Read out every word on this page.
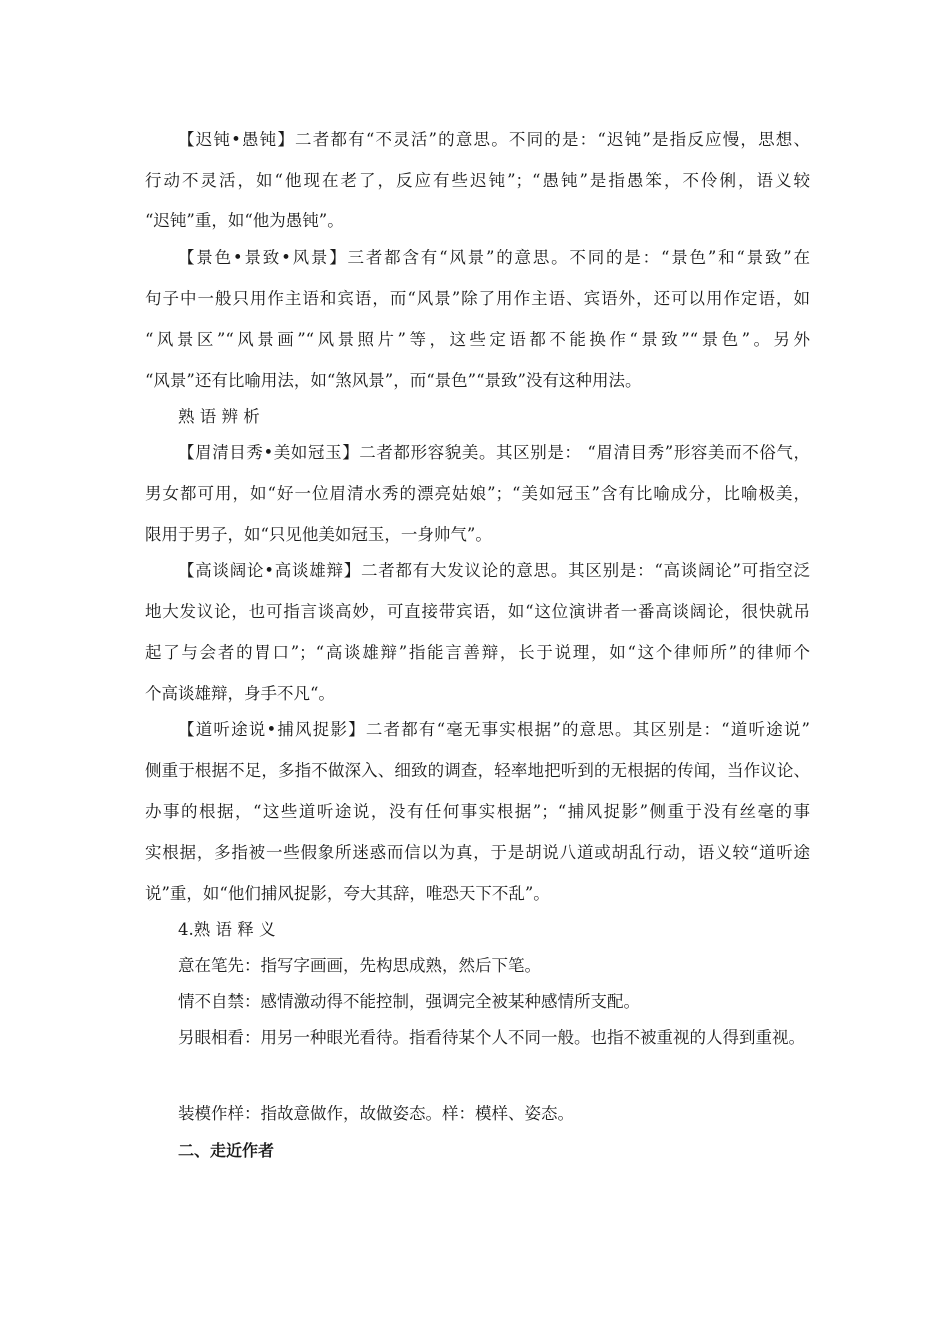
【迟钝•愚钝】二者都有“不灵活”的意思。不同的是：“迟钝”是指反应慢，思想、
行动不灵活，如“他现在老了，反应有些迟钝”；“愚钝”是指愚笨，不伶俐，语义较
“迟钝”重，如“他为愚钝”。
【景色•景致•风景】三者都含有“风景”的意思。不同的是：“景色”和“景致”在
句子中一般只用作主语和宾语，而“风景”除了用作主语、宾语外，还可以用作定语，如
“风景区”“风景画”“风景照片”等，这些定语都不能换作“景致”“景色”。另外
“风景”还有比喻用法，如“煞风景”，而“景色”“景致”没有这种用法。
熟 语 辨 析
【眉清目秀•美如冠玉】二者都形容貌美。其区别是： “眉清目秀”形容美而不俗气，
男女都可用，如“好一位眉清水秀的漂亮姑娘”；“美如冠玉”含有比喻成分，比喻极美，
限用于男子，如“只见他美如冠玉，一身帅气”。
【高谈阔论•高谈雄辩】二者都有大发议论的意思。其区别是：“高谈阔论”可指空泛
地大发议论，也可指言谈高妙，可直接带宾语，如“这位演讲者一番高谈阔论，很快就吊
起了与会者的胃口”；“高谈雄辩”指能言善辩，长于说理，如“这个律师所”的律师个
个高谈雄辩，身手不凡“。
【道听途说•捕风捉影】二者都有“毫无事实根据”的意思。其区别是：“道听途说”
侧重于根据不足，多指不做深入、细致的调查，轻率地把听到的无根据的传闻，当作议论、
办事的根据，“这些道听途说，没有任何事实根据”；“捕风捉影”侧重于没有丝毫的事
实根据，多指被一些假象所迷惑而信以为真，于是胡说八道或胡乱行动，语义较“道听途
说”重，如“他们捕风捉影，夸大其辞，唯恐天下不乱”。
4.熟 语 释 义
意在笔先：指写字画画，先构思成熟，然后下笔。
情不自禁：感情激动得不能控制，强调完全被某种感情所支配。
另眼相看：用另一种眼光看待。指看待某个人不同一般。也指不被重视的人得到重视。
装模作样：指故意做作，故做姿态。样：模样、姿态。
二、走近作者
